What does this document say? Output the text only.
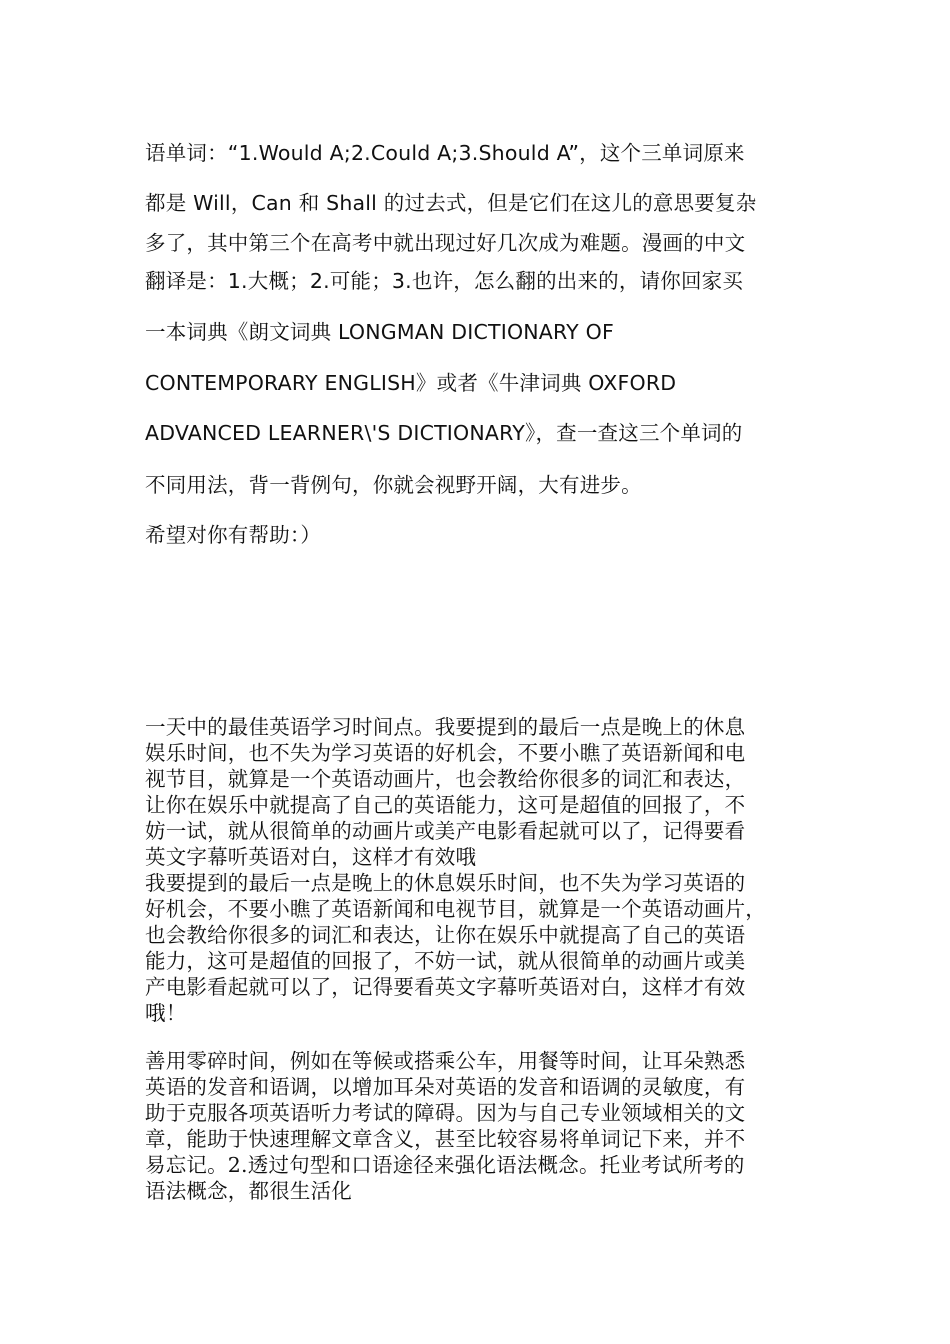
语单词：“1.Would A;2.Could A;3.Should A”，这个三单词原来
都是 Will，Can 和 Shall 的过去式，但是它们在这儿的意思要复杂
多了，其中第三个在高考中就出现过好几次成为难题。漫画的中文
翻译是：1.大概；2.可能；3.也许，怎么翻的出来的，请你回家买
一本词典《朗文词典 LONGMAN DICTIONARY OF
CONTEMPORARY ENGLISH》或者《牛津词典 OXFORD
ADVANCED LEARNER\'S DICTIONARY》，查一查这三个单词的
不同用法，背一背例句，你就会视野开阔，大有进步。
希望对你有帮助：）
一天中的最佳英语学习时间点。我要提到的最后一点是晚上的休息
娱乐时间，也不失为学习英语的好机会，不要小瞧了英语新闻和电
视节目，就算是一个英语动画片，也会教给你很多的词汇和表达，
让你在娱乐中就提高了自己的英语能力，这可是超值的回报了，不
妨一试，就从很简单的动画片或美产电影看起就可以了，记得要看
英文字幕听英语对白，这样才有效哦
我要提到的最后一点是晚上的休息娱乐时间，也不失为学习英语的
好机会，不要小瞧了英语新闻和电视节目，就算是一个英语动画片，
也会教给你很多的词汇和表达，让你在娱乐中就提高了自己的英语
能力，这可是超值的回报了，不妨一试，就从很简单的动画片或美
产电影看起就可以了，记得要看英文字幕听英语对白，这样才有效
哦！
善用零碎时间，例如在等候或搭乘公车，用餐等时间，让耳朵熟悉
英语的发音和语调，以增加耳朵对英语的发音和语调的灵敏度，有
助于克服各项英语听力考试的障碍。因为与自己专业领域相关的文
章，能助于快速理解文章含义，甚至比较容易将单词记下来，并不
易忘记。2.透过句型和口语途径来强化语法概念。托业考试所考的
语法概念，都很生活化
